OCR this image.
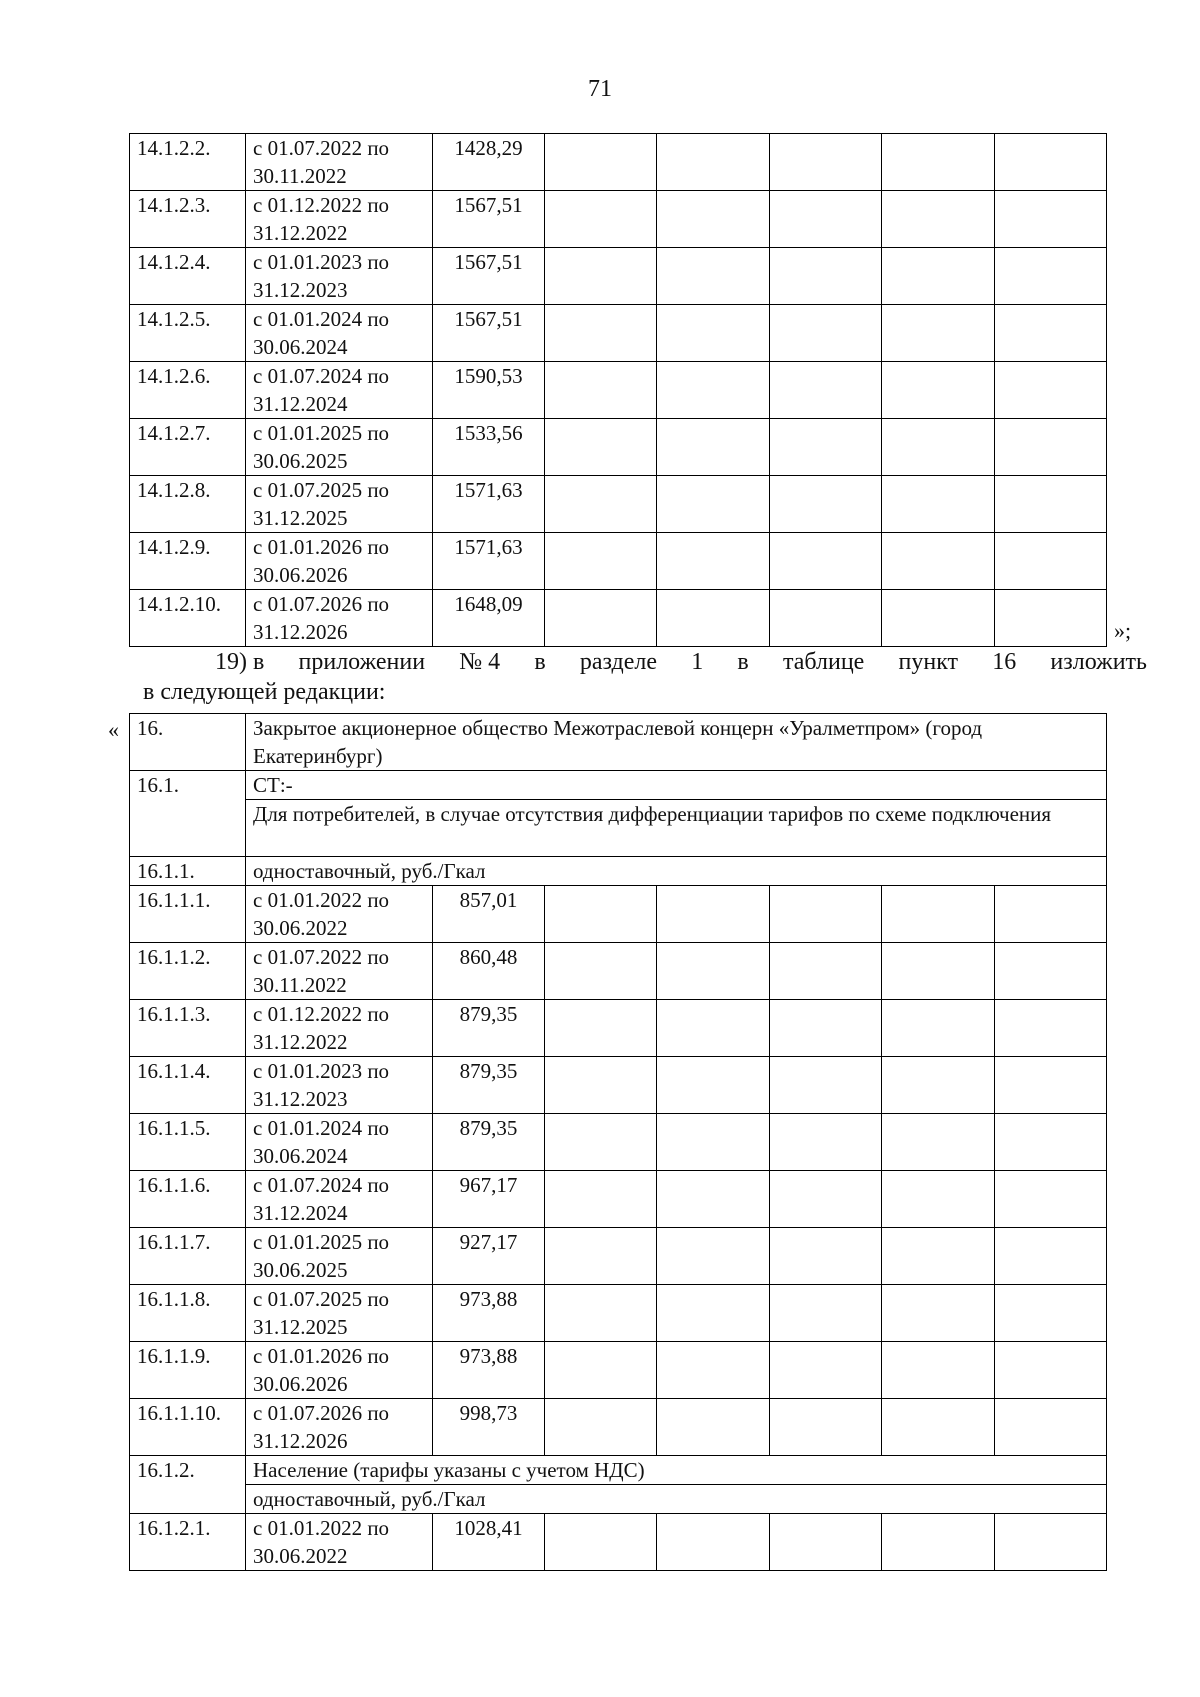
71
14.1.2.2.	с 01.07.2022 по 30.11.2022	1428,29					
14.1.2.3.	с 01.12.2022 по 31.12.2022	1567,51					
14.1.2.4.	с 01.01.2023 по 31.12.2023	1567,51					
14.1.2.5.	с 01.01.2024 по 30.06.2024	1567,51					
14.1.2.6.	с 01.07.2024 по 31.12.2024	1590,53					
14.1.2.7.	с 01.01.2025 по 30.06.2025	1533,56					
14.1.2.8.	с 01.07.2025 по 31.12.2025	1571,63					
14.1.2.9.	с 01.01.2026 по 30.06.2026	1571,63					
14.1.2.10.	с 01.07.2026 по 31.12.2026	1648,09					
»;
19) в приложении № 4 в разделе 1 в таблице пункт 16 изложить
в следующей редакции:
« 16.	Закрытое акционерное общество Межотраслевой концерн «Уралметпром» (город Екатеринбург)						
16.1.	СТ:-						
	Для потребителей, в случае отсутствия дифференциации тарифов по схеме подключения						
16.1.1.	одноставочный, руб./Гкал						
16.1.1.1.	с 01.01.2022 по 30.06.2022	857,01					
16.1.1.2.	с 01.07.2022 по 30.11.2022	860,48					
16.1.1.3.	с 01.12.2022 по 31.12.2022	879,35					
16.1.1.4.	с 01.01.2023 по 31.12.2023	879,35					
16.1.1.5.	с 01.01.2024 по 30.06.2024	879,35					
16.1.1.6.	с 01.07.2024 по 31.12.2024	967,17					
16.1.1.7.	с 01.01.2025 по 30.06.2025	927,17					
16.1.1.8.	с 01.07.2025 по 31.12.2025	973,88					
16.1.1.9.	с 01.01.2026 по 30.06.2026	973,88					
16.1.1.10.	с 01.07.2026 по 31.12.2026	998,73					
16.1.2.	Население (тарифы указаны с учетом НДС)						
	одноставочный, руб./Гкал						
16.1.2.1.	с 01.01.2022 по 30.06.2022	1028,41					
